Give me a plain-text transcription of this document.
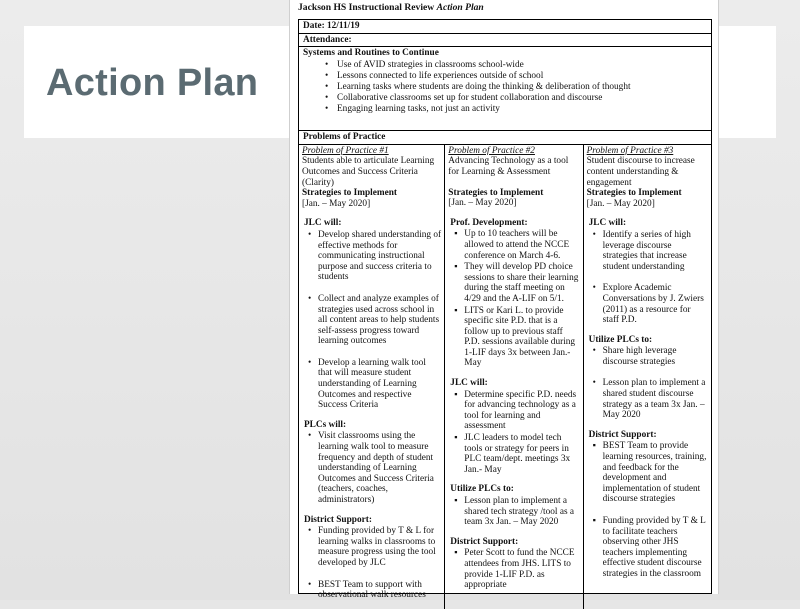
Action Plan
Jackson HS Instructional Review Action Plan
Date: 12/11/19
Attendance:
Systems and Routines to Continue
• Use of AVID strategies in classrooms school-wide
• Lessons connected to life experiences outside of school
• Learning tasks where students are doing the thinking & deliberation of thought
• Collaborative classrooms set up for student collaboration and discourse
• Engaging learning tasks, not just an activity
Problems of Practice
Problem of Practice #1
Students able to articulate Learning Outcomes and Success Criteria (Clarity)
Strategies to Implement
[Jan. – May 2020]
JLC will:
• Develop shared understanding of effective methods for communicating instructional purpose and success criteria to students
• Collect and analyze examples of strategies used across school in all content areas to help students self-assess progress toward learning outcomes
• Develop a learning walk tool that will measure student understanding of Learning Outcomes and respective Success Criteria
PLCs will:
• Visit classrooms using the learning walk tool to measure frequency and depth of student understanding of Learning Outcomes and Success Criteria (teachers, coaches, administrators)
District Support:
• Funding provided by T & L for learning walks in classrooms to measure progress using the tool developed by JLC
• BEST Team to support with observational walk resources
Problem of Practice #2
Advancing Technology as a tool for Learning & Assessment
Strategies to Implement
[Jan. – May 2020]
Prof. Development:
▪ Up to 10 teachers will be allowed to attend the NCCE conference on March 4-6.
▪ They will develop PD choice sessions to share their learning during the staff meeting on 4/29 and the A-LIF on 5/1.
▪ LITS or Kari L. to provide specific site P.D. that is a follow up to previous staff P.D. sessions available during 1-LIF days 3x between Jan.- May
JLC will:
▪ Determine specific P.D. needs for advancing technology as a tool for learning and assessment
▪ JLC leaders to model tech tools or strategy for peers in PLC team/dept. meetings 3x Jan.- May
Utilize PLCs to:
▪ Lesson plan to implement a shared tech strategy /tool as a team 3x Jan. – May 2020
District Support:
▪ Peter Scott to fund the NCCE attendees from JHS. LITS to provide 1-LIF P.D. as appropriate
Problem of Practice #3
Student discourse to increase content understanding & engagement
Strategies to Implement
[Jan. – May 2020]
JLC will:
• Identify a series of high leverage discourse strategies that increase student understanding
• Explore Academic Conversations by J. Zwiers (2011) as a resource for staff P.D.
Utilize PLCs to:
• Share high leverage discourse strategies
• Lesson plan to implement a shared student discourse strategy as a team 3x Jan. – May 2020
District Support:
▪ BEST Team to provide learning resources, training, and feedback for the development and implementation of student discourse strategies
▪ Funding provided by T & L to facilitate teachers observing other JHS teachers implementing effective student discourse strategies in the classroom
